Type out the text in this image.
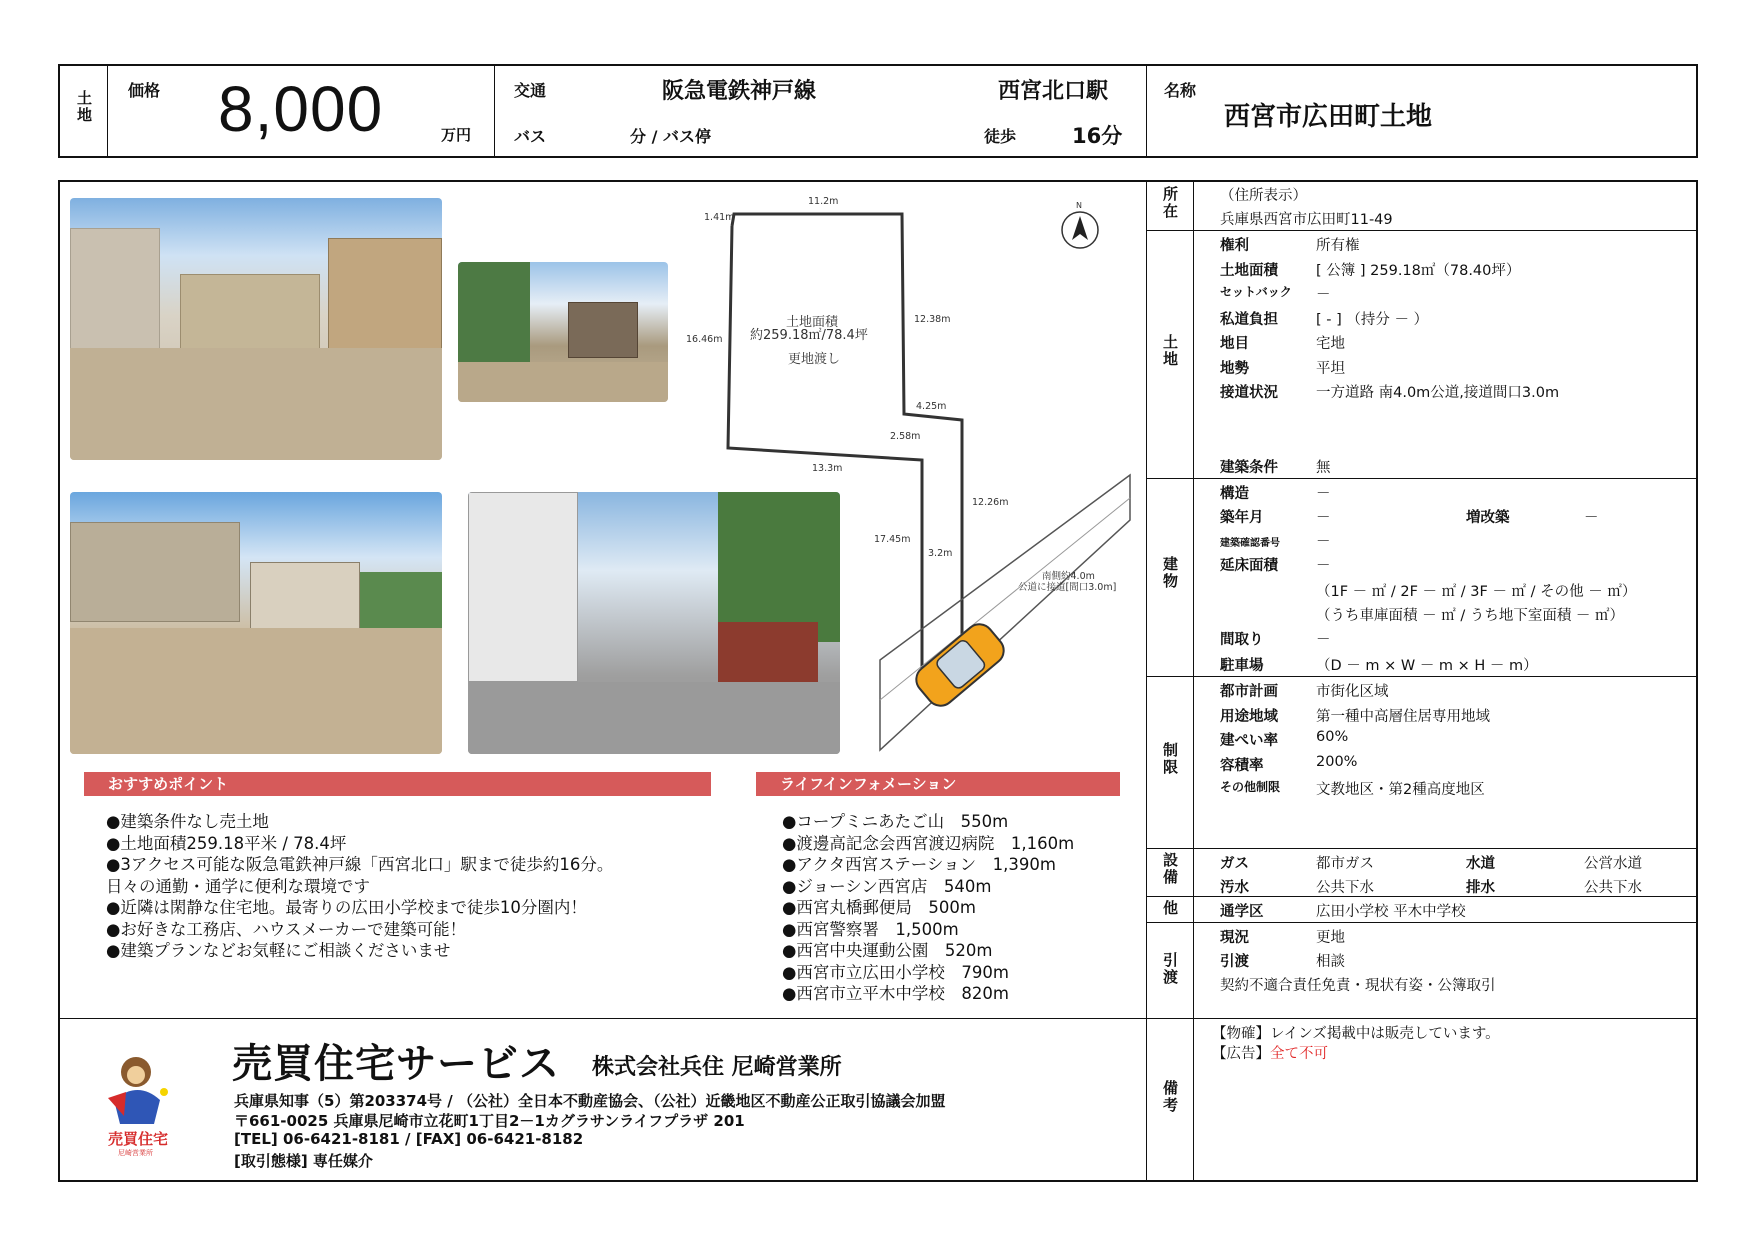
土地 価格 8,000	万円
交通	阪急電鉄神戸線	西宮北口駅
バス	分 / バス停	徒歩	16分
名称
西宮市広田町土地
N
11.2m
1.41m
16.46m
12.38m
土地面積
約259.18㎡/78.4坪
更地渡し
4.25m
2.58m
13.3m
17.45m
12.26m
3.2m
南側約4.0m
公道に接道[間口3.0m]
おすすめポイント	ライフインフォメーション
●建築条件なし売土地
●土地面積259.18平米 / 78.4坪
●3アクセス可能な阪急電鉄神戸線「西宮北口」駅まで徒歩約16分。
日々の通勤・通学に便利な環境です
●近隣は閑静な住宅地。最寄りの広田小学校まで徒歩10分圏内！
●お好きな工務店、ハウスメーカーで建築可能！
●建築プランなどお気軽にご相談くださいませ
●コープミニあたご山　550m
●渡邊高記念会西宮渡辺病院　1,160m
●アクタ西宮ステーション　1,390m
●ジョーシン西宮店　540m
●西宮丸橋郵便局　500m
●西宮警察署　1,500m
●西宮中央運動公園　520m
●西宮市立広田小学校　790m
●西宮市立平木中学校　820m
売買住宅
尼崎営業所
売買住宅サービス 株式会社兵住 尼崎営業所
兵庫県知事（5）第203374号 / （公社）全日本不動産協会、（公社）近畿地区不動産公正取引協議会加盟
〒661-0025 兵庫県尼崎市立花町1丁目2－1カグラサンライフプラザ 201
[TEL] 06-6421-8181 / [FAX] 06-6421-8182
[取引態様] 専任媒介
所在
土地
建物
制限
設備
他
引渡
備考
（住所表示）
兵庫県西宮市広田町11-49
権利	所有権
土地面積	[ 公簿 ] 259.18㎡（78.40坪）
セットバック －
私道負担	[ - ] （持分 － ）
地目	宅地
地勢	平坦
接道状況	一方道路 南4.0m公道,接道間口3.0m
建築条件	無
構造	－
築年月	－	増改築	－
建築確認番号 －
延床面積	－
（1F － ㎡ / 2F － ㎡ / 3F － ㎡ / その他 － ㎡）
（うち車庫面積 － ㎡ / うち地下室面積 － ㎡）
間取り	－
駐車場	（D － m × W － m × H － m）
都市計画	市街化区域
用途地域	第一種中高層住居専用地域
建ぺい率	60%
容積率	200%
その他制限 文教地区・第2種高度地区
ガス	都市ガス	水道	公営水道
汚水	公共下水	排水	公共下水
通学区	広田小学校 平木中学校
現況	更地
引渡	相談
契約不適合責任免責・現状有姿・公簿取引
【物確】レインズ掲載中は販売しています。
【広告】全て不可
